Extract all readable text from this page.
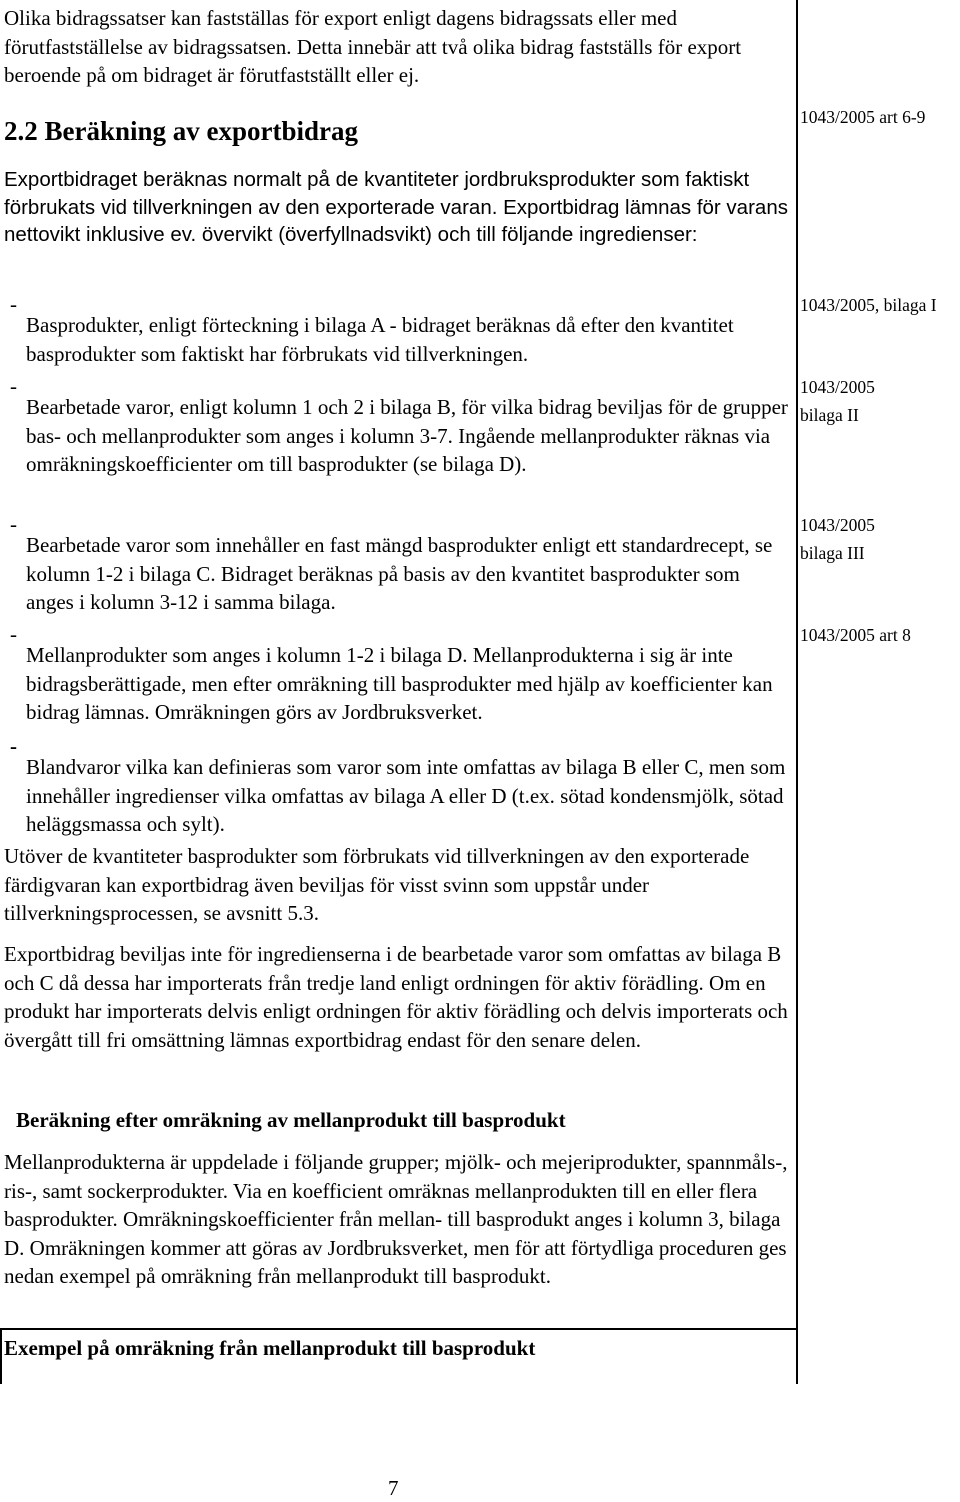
Olika bidragssatser kan fastställas för export enligt dagens bidragssats eller med förutfastställelse av bidragssatsen. Detta innebär att två olika bidrag fastställs för export beroende på om bidraget är förutfastställt eller ej.

2.2 Beräkning av exportbidrag	1043/2005 art 6-9

Exportbidraget beräknas normalt på de kvantiteter jordbruksprodukter som faktiskt förbrukats vid tillverkningen av den exporterade varan. Exportbidrag lämnas för varans nettovikt inklusive ev. övervikt (överfyllnadsvikt) och till följande ingredienser:

-

Basprodukter, enligt förteckning i bilaga A - bidraget beräknas då efter den kvantitet basprodukter som faktiskt har förbrukats vid tillverkningen.

1043/2005, bilaga I
-

Bearbetade varor, enligt kolumn 1 och 2 i bilaga B, för vilka bidrag beviljas för de grupper bas- och mellanprodukter som anges i kolumn 3-7. Ingående mellanprodukter räknas via omräkningskoefficienter om till basprodukter (se bilaga D).

1043/2005
bilaga II
-

Bearbetade varor som innehåller en fast mängd basprodukter enligt ett standardrecept, se kolumn 1-2 i bilaga C. Bidraget beräknas på basis av den kvantitet basprodukter som anges i kolumn 3-12 i samma bilaga.

1043/2005
bilaga III
-

Mellanprodukter som anges i kolumn 1-2 i bilaga D. Mellanprodukterna i sig är inte bidragsberättigade, men efter omräkning till basprodukter med hjälp av koefficienter kan bidrag lämnas. Omräkningen görs av Jordbruksverket.

1043/2005 art 8
-

Blandvaror vilka kan definieras som varor som inte omfattas av bilaga B eller C, men som innehåller ingredienser vilka omfattas av bilaga A eller D (t.ex. sötad kondensmjölk, sötad heläggsmassa och sylt).

Utöver de kvantiteter basprodukter som förbrukats vid tillverkningen av den exporterade färdigvaran kan exportbidrag även beviljas för visst svinn som uppstår under tillverkningsprocessen, se avsnitt 5.3.

Exportbidrag beviljas inte för ingredienserna i de bearbetade varor som omfattas av bilaga B och C då dessa har importerats från tredje land enligt ordningen för aktiv förädling. Om en produkt har importerats delvis enligt ordningen för aktiv förädling och delvis importerats och övergått till fri omsättning lämnas exportbidrag endast för den senare delen.

Beräkning efter omräkning av mellanprodukt till basprodukt

Mellanprodukterna är uppdelade i följande grupper; mjölk- och mejeriprodukter, spannmåls-, ris-, samt sockerprodukter. Via en koefficient omräknas mellanprodukten till en eller flera basprodukter. Omräkningskoefficienter från mellan- till basprodukt anges i kolumn 3, bilaga D. Omräkningen kommer att göras av Jordbruksverket, men för att förtydliga proceduren ges nedan exempel på omräkning från mellanprodukt till basprodukt.

Exempel på omräkning från mellanprodukt till basprodukt
7
